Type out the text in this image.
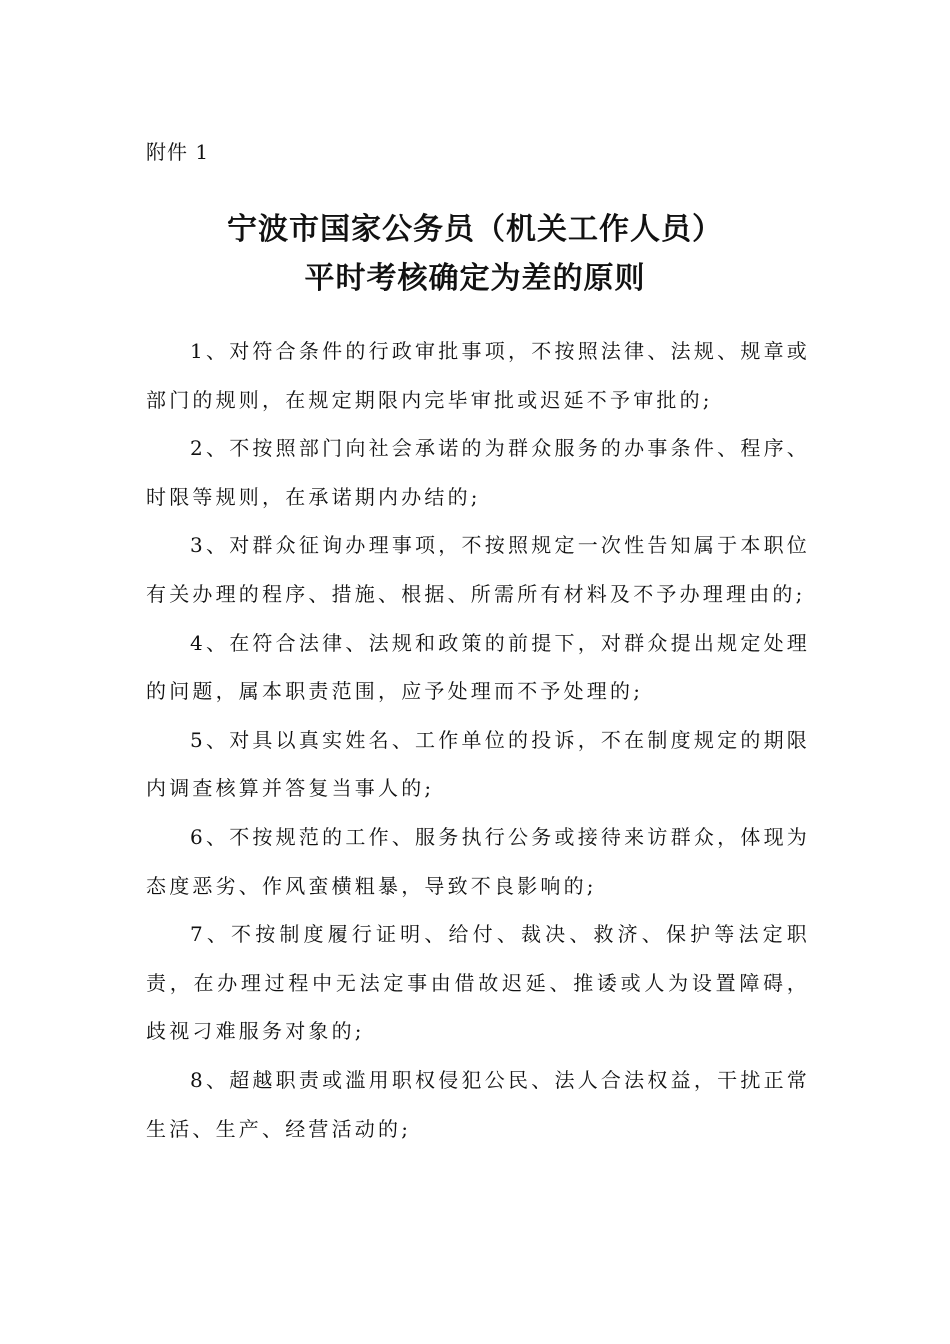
附件 1
宁波市国家公务员（机关工作人员）
平时考核确定为差的原则

1、对符合条件的行政审批事项，不按照法律、法规、规章或部门的规则，在规定期限内完毕审批或迟延不予审批的;

2、不按照部门向社会承诺的为群众服务的办事条件、程序、时限等规则，在承诺期内办结的;

3、对群众征询办理事项，不按照规定一次性告知属于本职位有关办理的程序、措施、根据、所需所有材料及不予办理理由的;

4、在符合法律、法规和政策的前提下，对群众提出规定处理的问题，属本职责范围，应予处理而不予处理的;

5、对具以真实姓名、工作单位的投诉，不在制度规定的期限内调查核算并答复当事人的;

6、不按规范的工作、服务执行公务或接待来访群众，体现为态度恶劣、作风蛮横粗暴，导致不良影响的;

7、不按制度履行证明、给付、裁决、救济、保护等法定职责，在办理过程中无法定事由借故迟延、推诿或人为设置障碍，歧视刁难服务对象的;

8、超越职责或滥用职权侵犯公民、法人合法权益，干扰正常生活、生产、经营活动的;
